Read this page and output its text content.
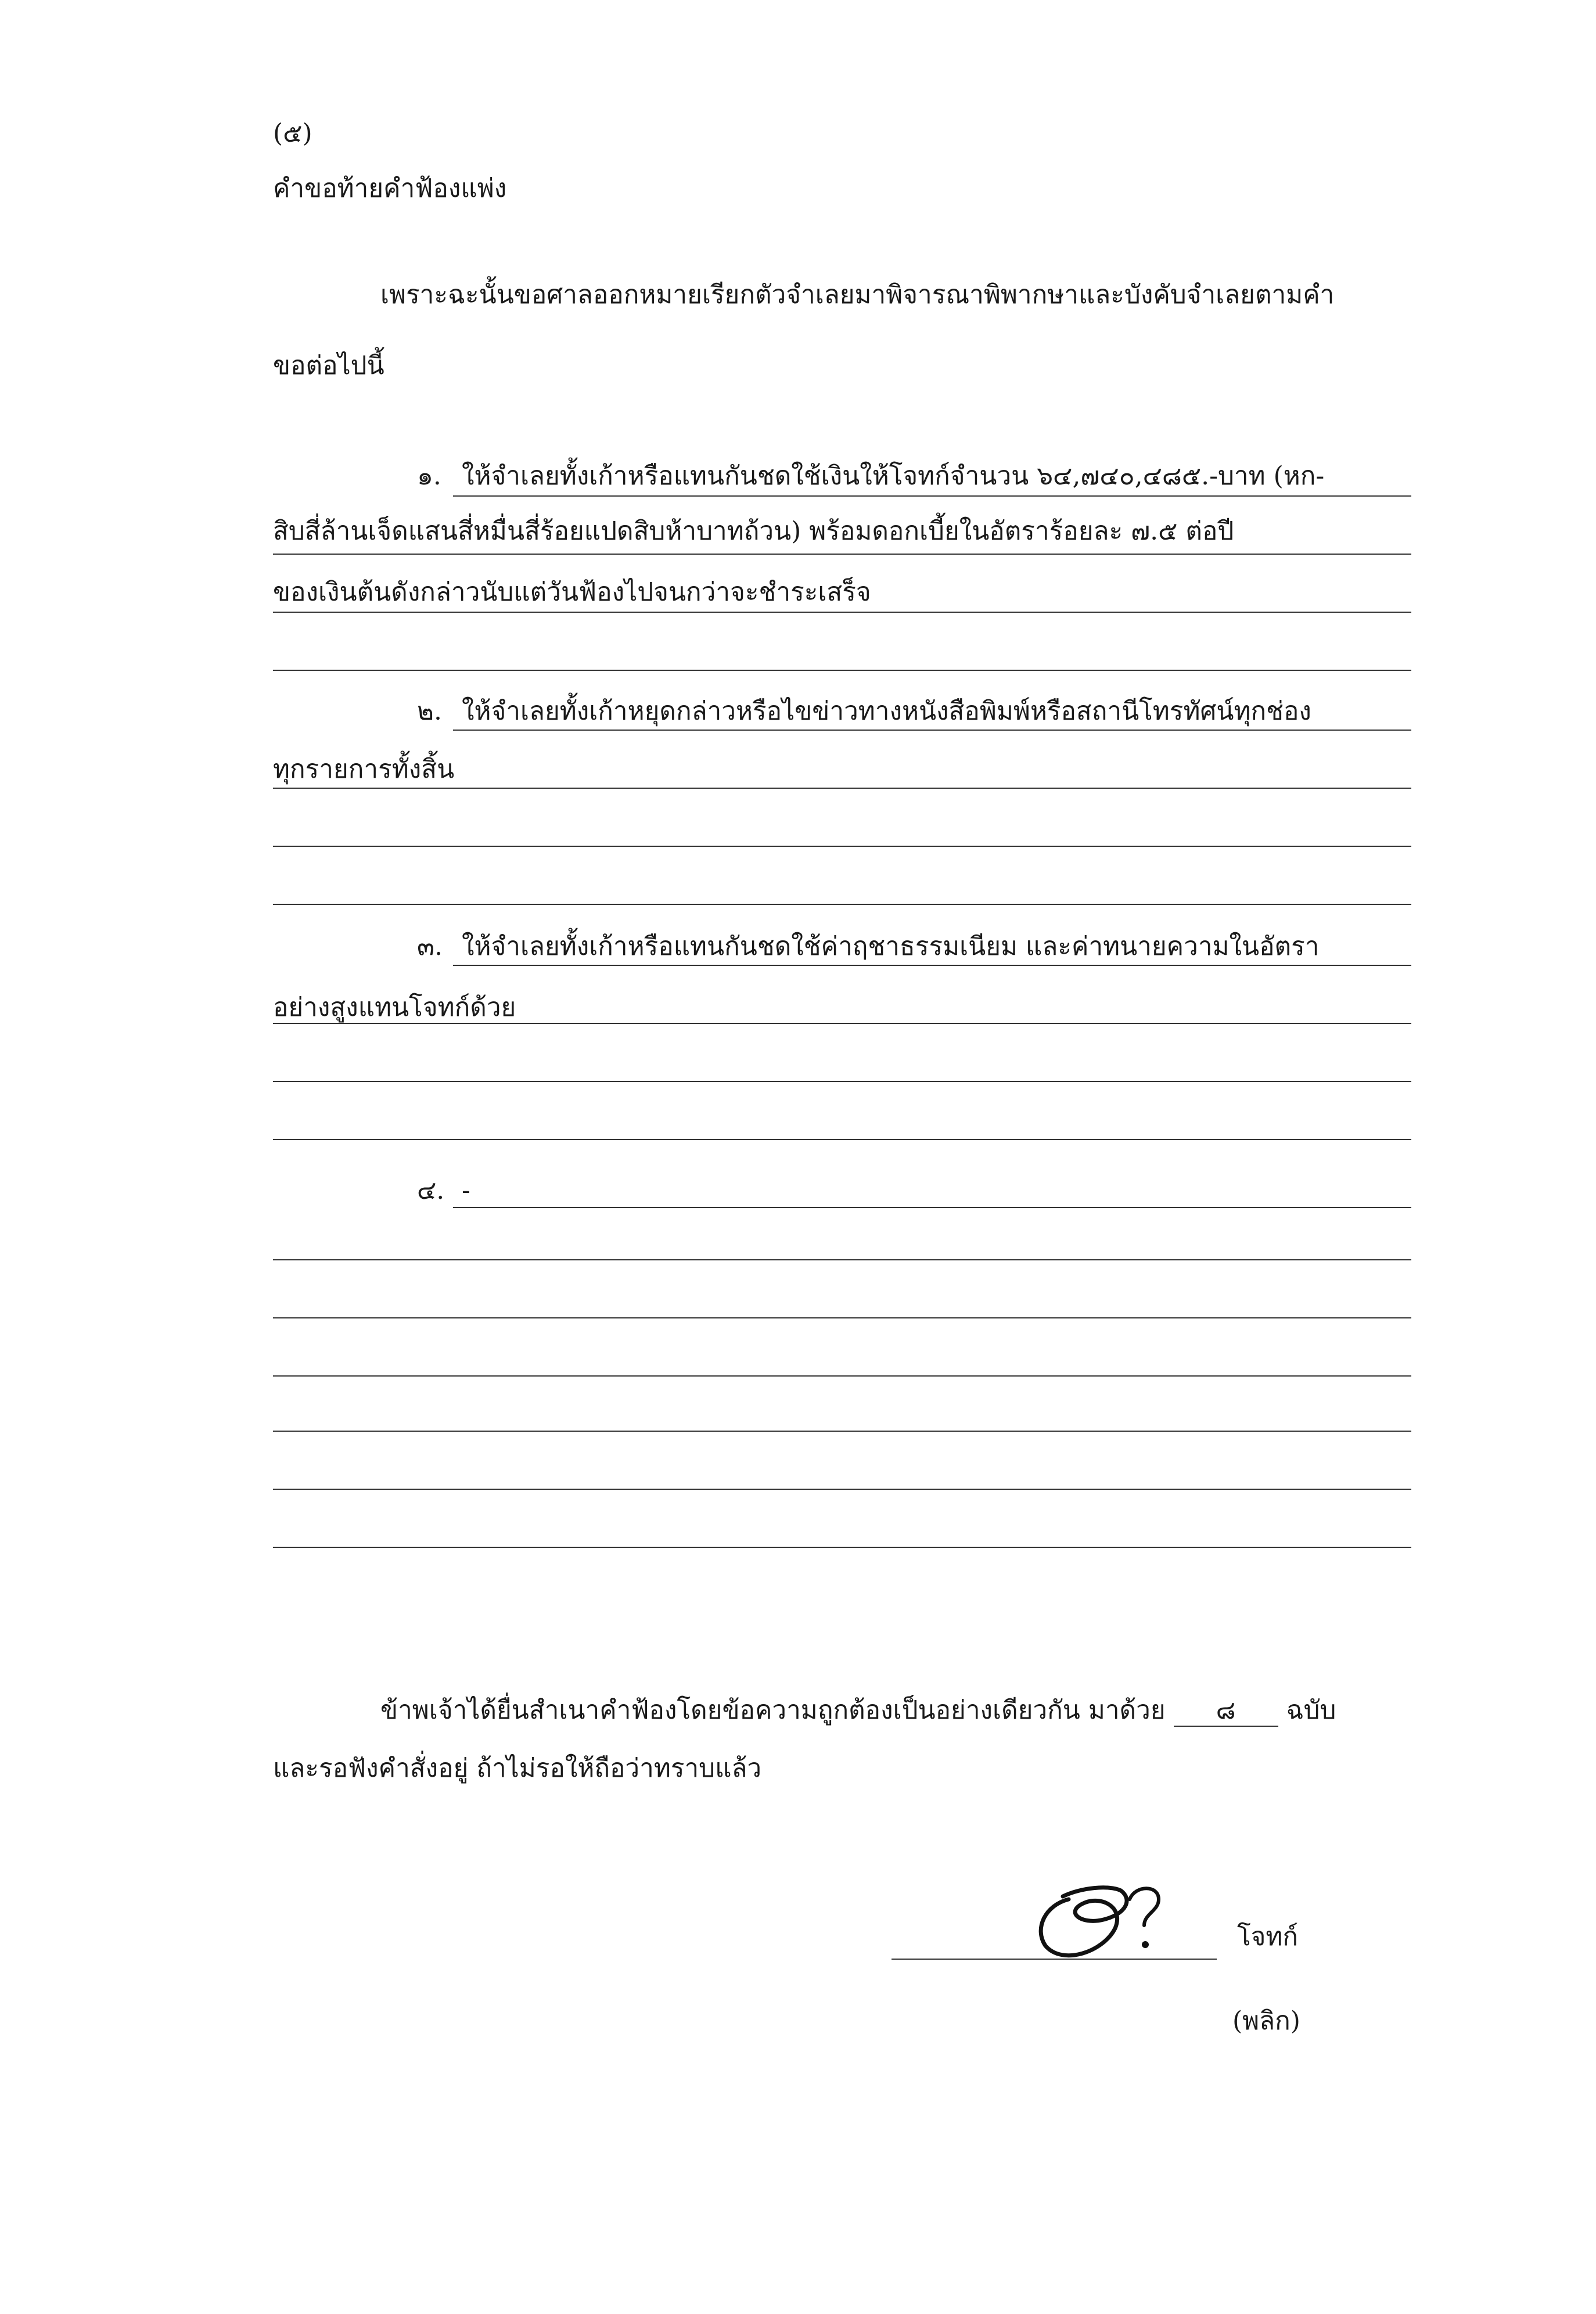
(๕)
คำขอท้ายคำฟ้องแพ่ง
เพราะฉะนั้นขอศาลออกหมายเรียกตัวจำเลยมาพิจารณาพิพากษาและบังคับจำเลยตามคำ
ขอต่อไปนี้
๑. ให้จำเลยทั้งเก้าหรือแทนกันชดใช้เงินให้โจทก์จำนวน ๖๔,๗๔๐,๔๘๕.-บาท (หก-
สิบสี่ล้านเจ็ดแสนสี่หมื่นสี่ร้อยแปดสิบห้าบาทถ้วน) พร้อมดอกเบี้ยในอัตราร้อยละ ๗.๕ ต่อปี
ของเงินต้นดังกล่าวนับแต่วันฟ้องไปจนกว่าจะชำระเสร็จ
๒. ให้จำเลยทั้งเก้าหยุดกล่าวหรือไขข่าวทางหนังสือพิมพ์หรือสถานีโทรทัศน์ทุกช่อง
ทุกรายการทั้งสิ้น
๓. ให้จำเลยทั้งเก้าหรือแทนกันชดใช้ค่าฤชาธรรมเนียม และค่าทนายความในอัตรา
อย่างสูงแทนโจทก์ด้วย
๔. -
ข้าพเจ้าได้ยื่นสำเนาคำฟ้องโดยข้อความถูกต้องเป็นอย่างเดียวกัน มาด้วย ๘ ฉบับ
และรอฟังคำสั่งอยู่ ถ้าไม่รอให้ถือว่าทราบแล้ว
โจทก์
(พลิก)
